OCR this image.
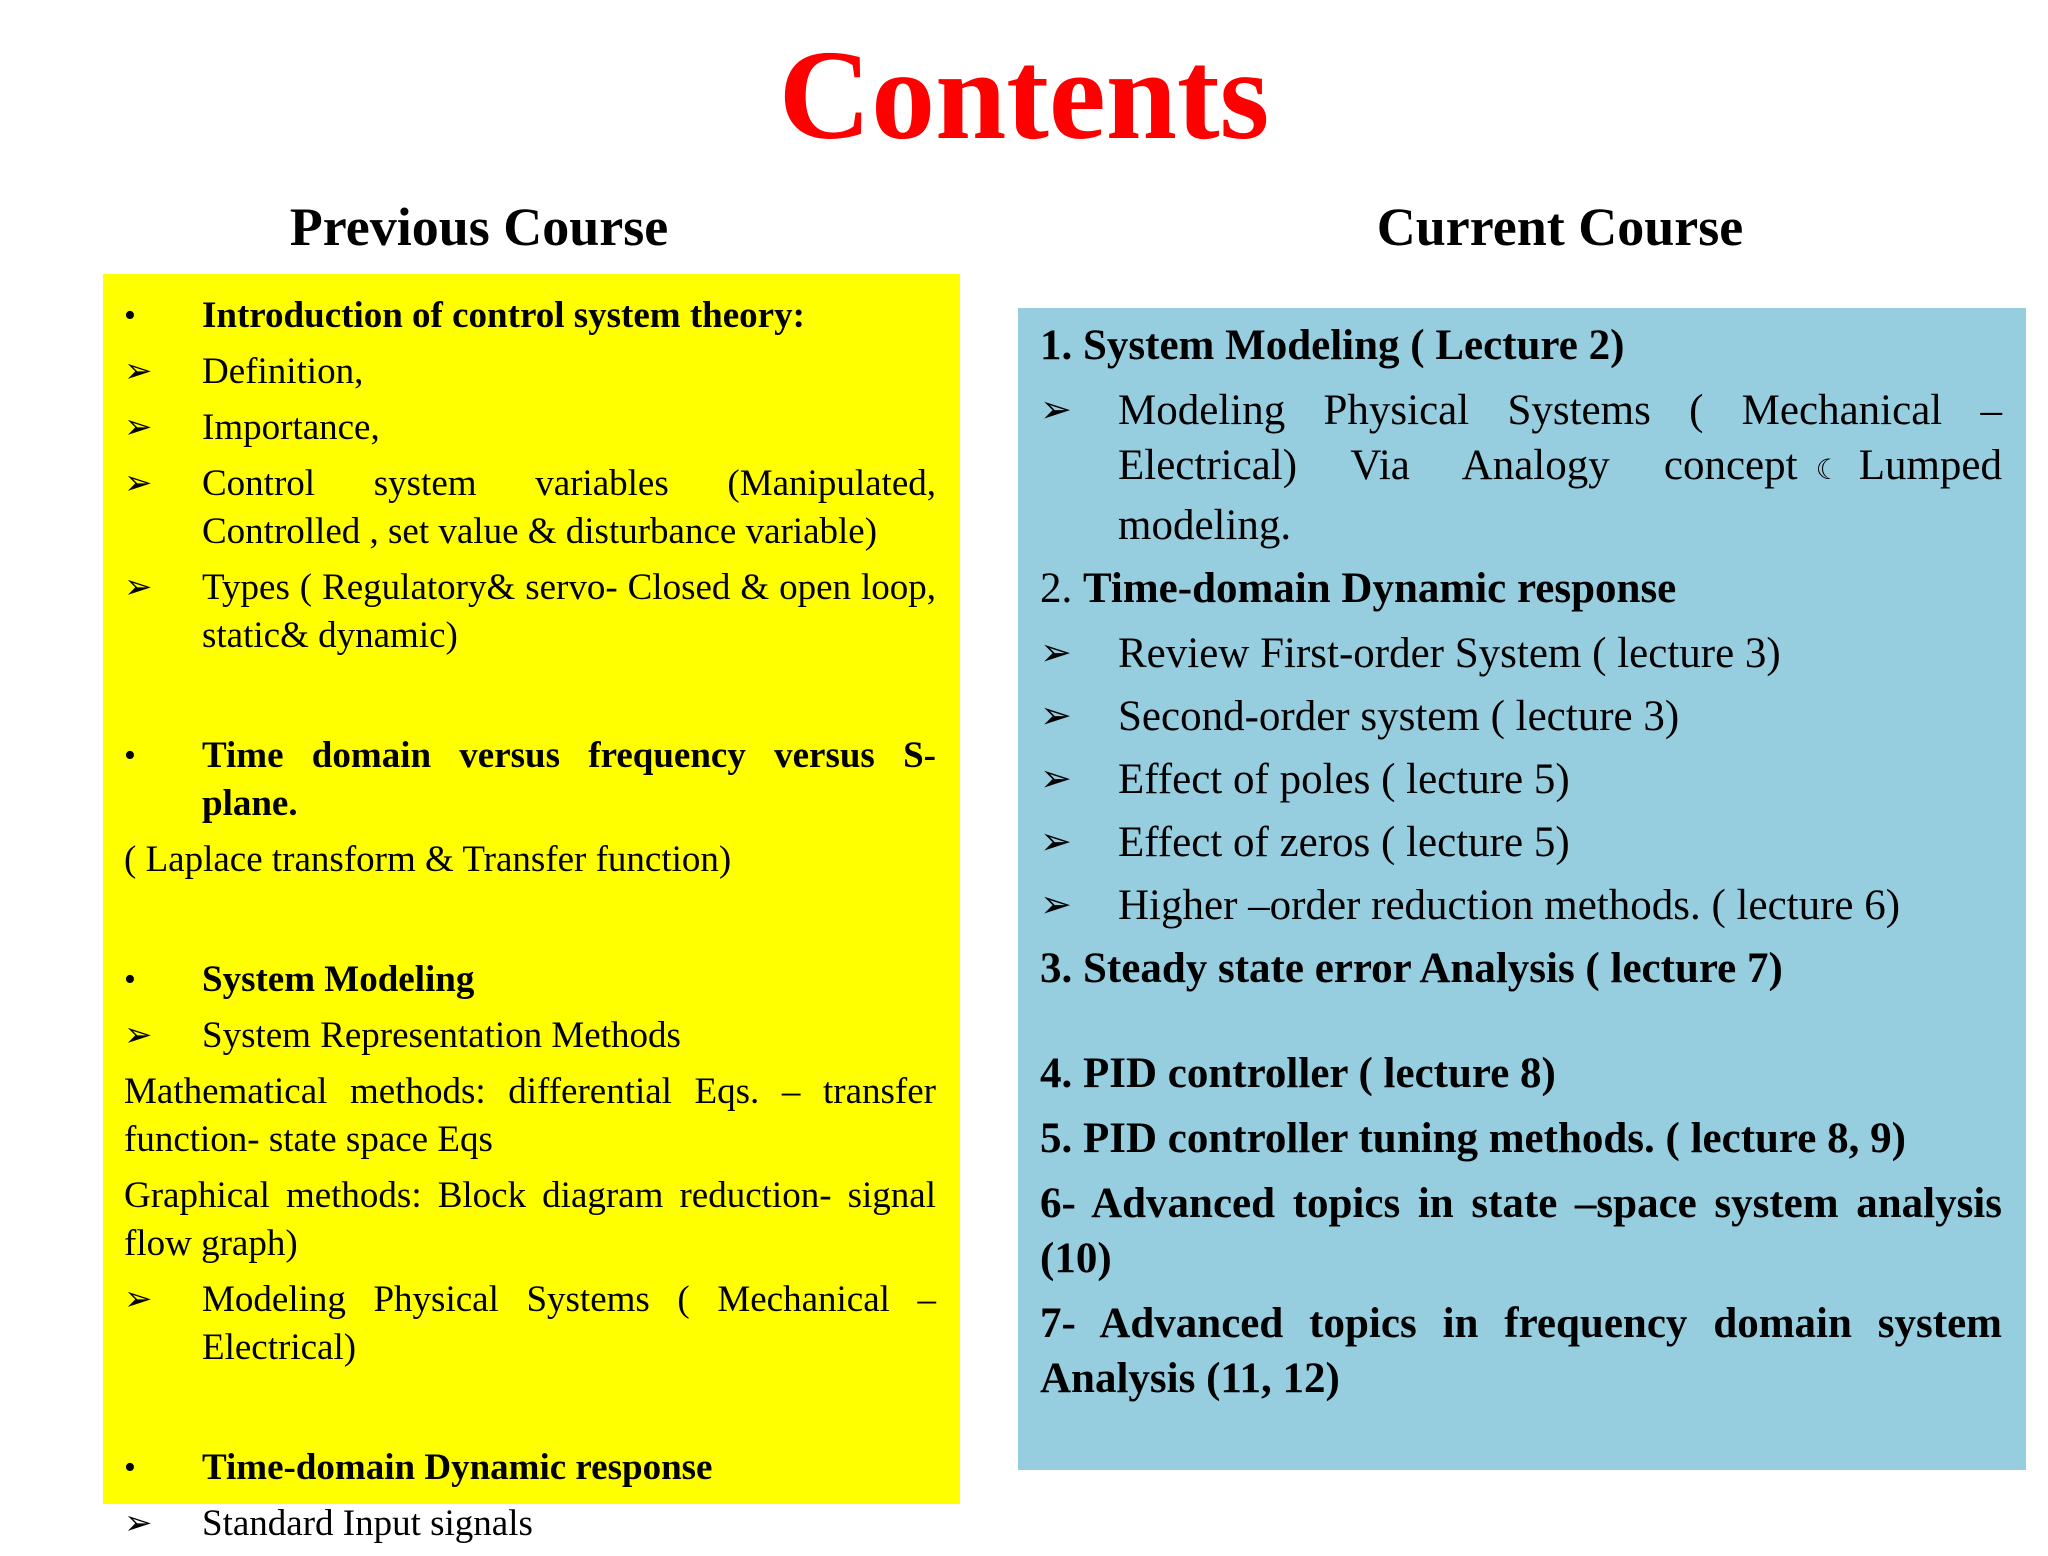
Contents
Previous Course	Current Course
• Introduction of control system theory:
➢ Definition,
➢ Importance,
➢ Control system variables (Manipulated, Controlled , set value & disturbance variable)
➢ Types ( Regulatory& servo- Closed & open loop, static& dynamic)
• Time domain versus frequency versus S-plane.
( Laplace transform & Transfer function)
• System Modeling
➢ System Representation Methods
Mathematical methods: differential Eqs. – transfer function- state space Eqs
Graphical methods: Block diagram reduction- signal flow graph)
➢ Modeling Physical Systems ( Mechanical – Electrical)
• Time-domain Dynamic response
➢ Standard Input signals
1. System Modeling ( Lecture 2)
➢ Modeling Physical Systems ( Mechanical – Electrical) Via Analogy concept ☾ Lumped modeling.
2. Time-domain Dynamic response
➢ Review First-order System ( lecture 3)
➢ Second-order system ( lecture 3)
➢ Effect of poles ( lecture 5)
➢ Effect of zeros ( lecture 5)
➢ Higher –order reduction methods. ( lecture 6)
3. Steady state error Analysis ( lecture 7)
4. PID controller ( lecture 8)
5. PID controller tuning methods. ( lecture 8, 9)
6- Advanced topics in state –space system analysis (10)
7- Advanced topics in frequency domain system Analysis (11, 12)
